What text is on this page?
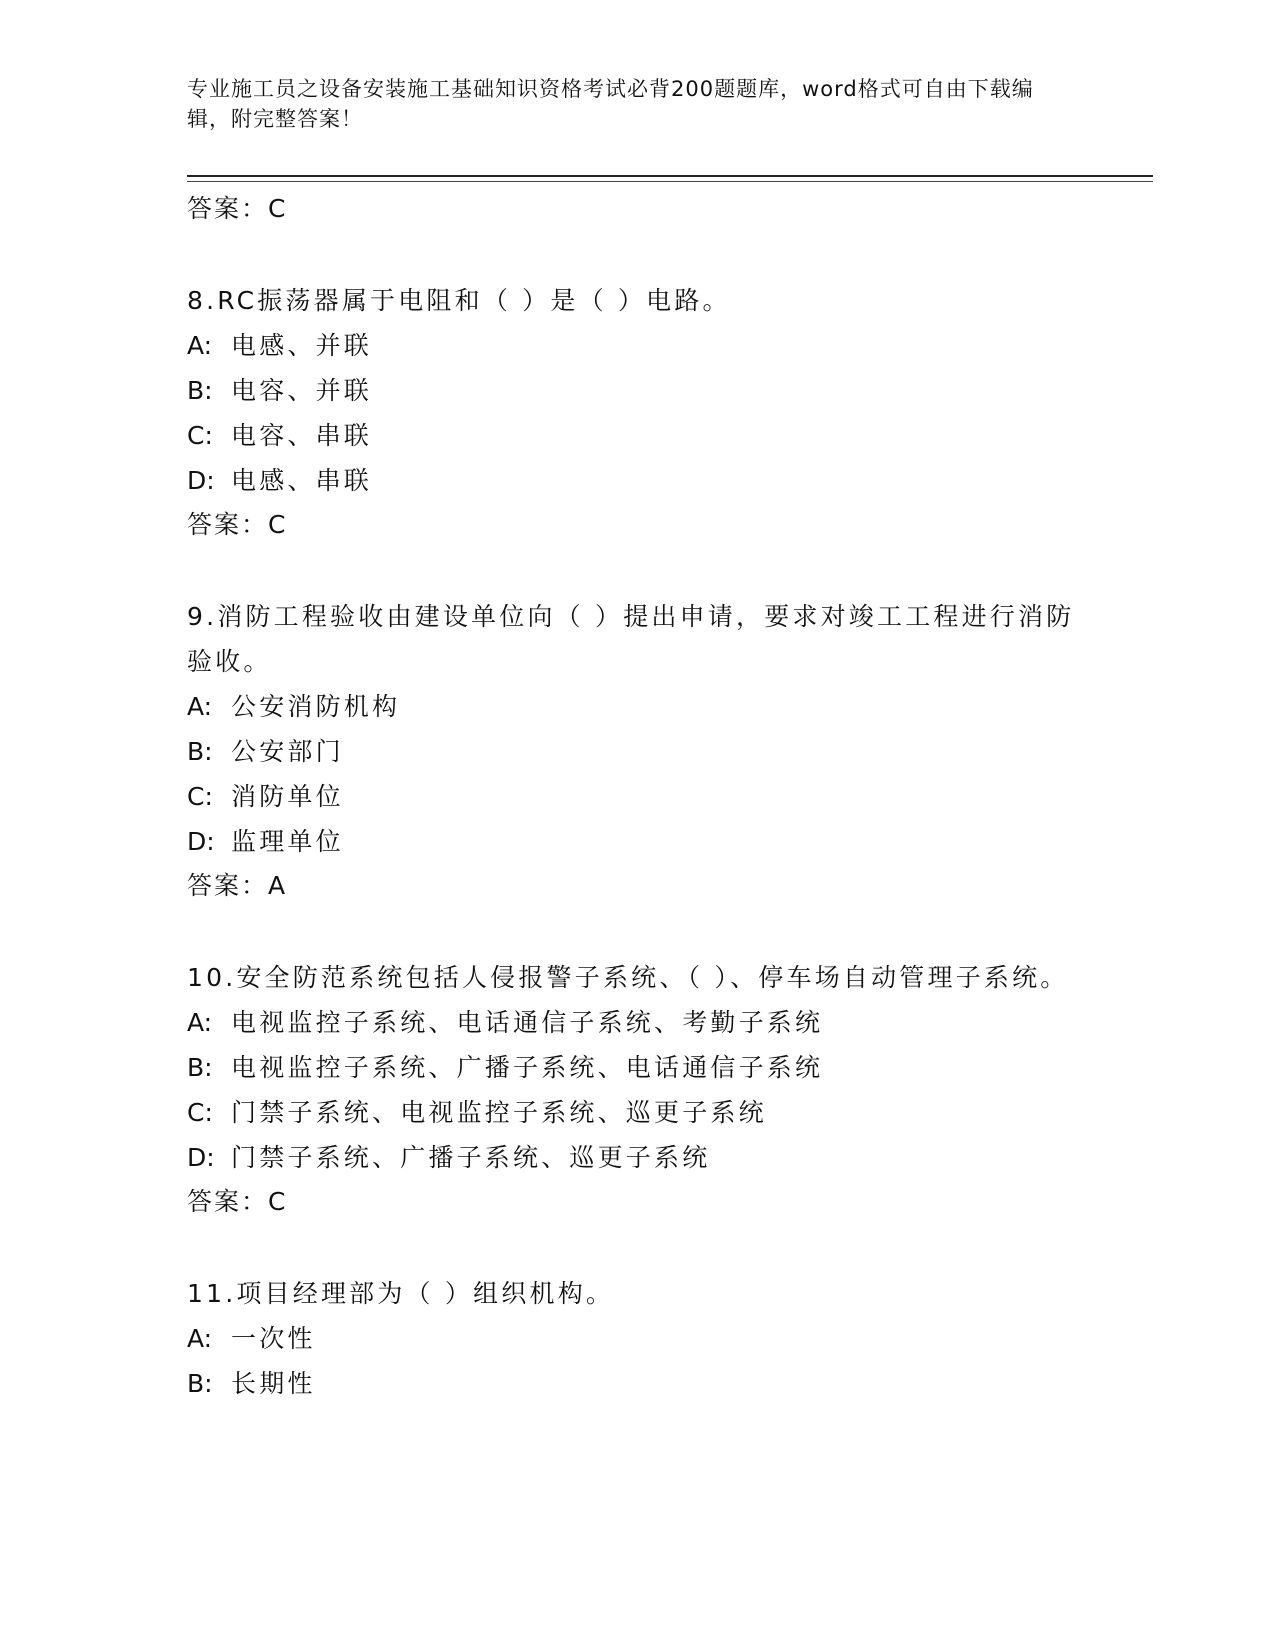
专业施工员之设备安装施工基础知识资格考试必背200题题库，word格式可自由下载编辑，附完整答案！
答案：C
8.RC振荡器属于电阻和（ ）是（ ）电路。
A: 电感、并联
B: 电容、并联
C: 电容、串联
D: 电感、串联
答案：C
9.消防工程验收由建设单位向（ ）提出申请，要求对竣工工程进行消防验收。
A: 公安消防机构
B: 公安部门
C: 消防单位
D: 监理单位
答案：A
10.安全防范系统包括人侵报警子系统、（ ）、停车场自动管理子系统。
A: 电视监控子系统、电话通信子系统、考勤子系统
B: 电视监控子系统、广播子系统、电话通信子系统
C: 门禁子系统、电视监控子系统、巡更子系统
D: 门禁子系统、广播子系统、巡更子系统
答案：C
11.项目经理部为（ ）组织机构。
A: 一次性
B: 长期性
